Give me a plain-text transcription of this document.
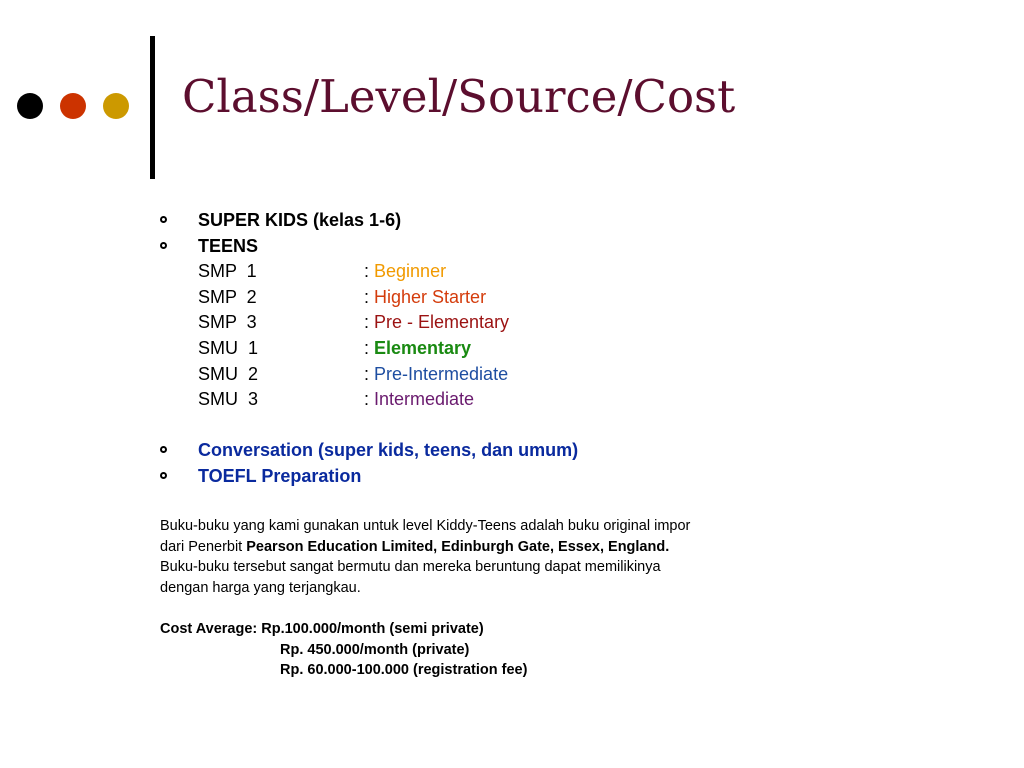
Class/Level/Source/Cost
SUPER KIDS (kelas 1-6)
TEENS
SMP  1	: Beginner
SMP  2	: Higher Starter
SMP  3	: Pre - Elementary
SMU  1	: Elementary
SMU  2	: Pre-Intermediate
SMU  3	: Intermediate
Conversation (super kids, teens, dan umum)
TOEFL Preparation
Buku-buku yang kami gunakan untuk level Kiddy-Teens adalah buku original impor
dari Penerbit Pearson Education Limited, Edinburgh Gate, Essex, England.
Buku-buku tersebut sangat bermutu dan mereka beruntung dapat memilikinya
dengan harga yang terjangkau.
Cost Average: Rp.100.000/month (semi private)
Rp. 450.000/month (private)
Rp. 60.000-100.000 (registration fee)
